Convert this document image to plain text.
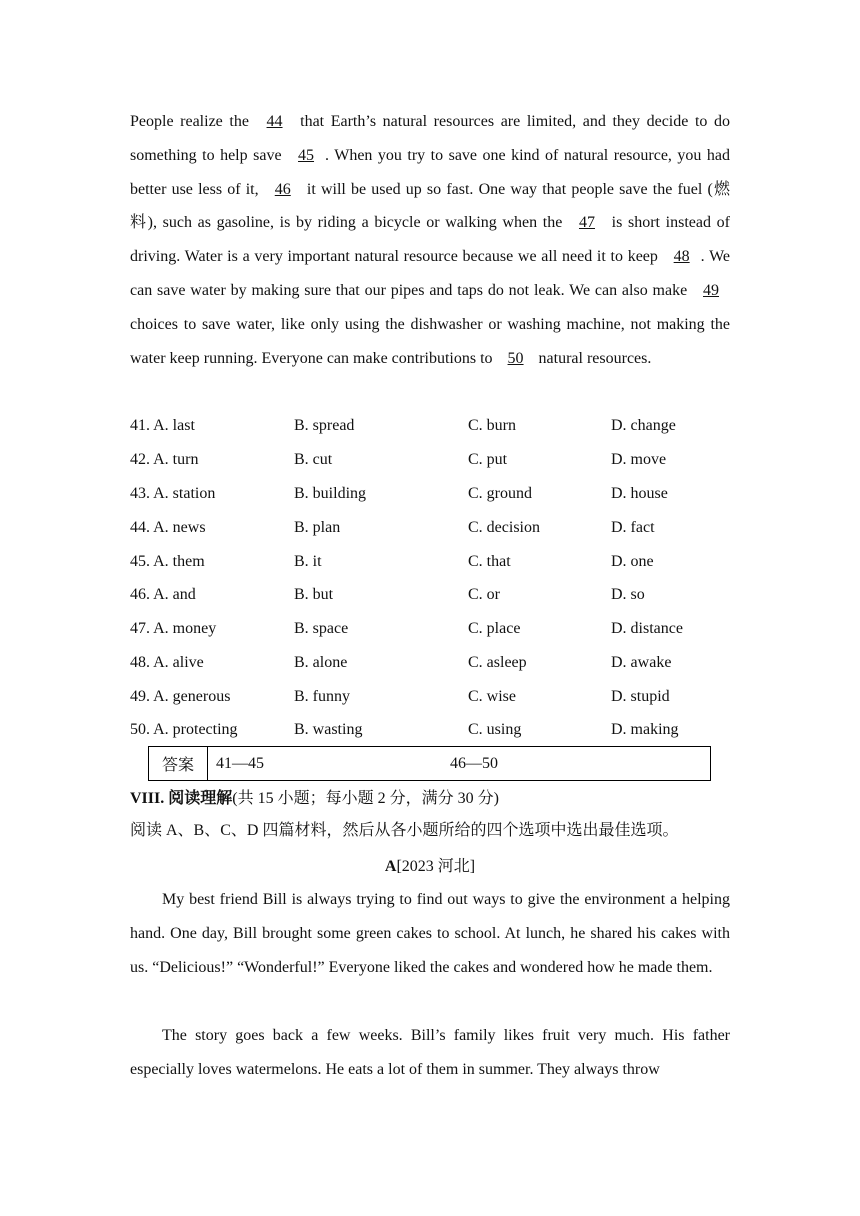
People realize the 44 that Earth’s natural resources are limited, and they decide to do something to help save 45 . When you try to save one kind of natural resource, you had better use less of it, 46 it will be used up so fast. One way that people save the fuel (燃料), such as gasoline, is by riding a bicycle or walking when the 47 is short instead of driving. Water is a very important natural resource because we all need it to keep 48 . We can save water by making sure that our pipes and taps do not leak. We can also make 49 choices to save water, like only using the dishwasher or washing machine, not making the water keep running. Everyone can make contributions to 50 natural resources.
41. A. last	B. spread	C. burn	D. change
42. A. turn	B. cut	C. put	D. move
43. A. station	B. building	C. ground	D. house
44. A. news	B. plan	C. decision	D. fact
45. A. them	B. it	C. that	D. one
46. A. and	B. but	C. or	D. so
47. A. money	B. space	C. place	D. distance
48. A. alive	B. alone	C. asleep	D. awake
49. A. generous	B. funny	C. wise	D. stupid
50. A. protecting	B. wasting	C. using	D. making
答案	41—45	46—50
VIII. 阅读理解(共 15 小题；每小题 2 分，满分 30 分)
阅读 A、B、C、D 四篇材料，然后从各小题所给的四个选项中选出最佳选项。
A[2023 河北]
My best friend Bill is always trying to find out ways to give the environment a helping hand. One day, Bill brought some green cakes to school. At lunch, he shared his cakes with us. “Delicious!” “Wonderful!” Everyone liked the cakes and wondered how he made them.
The story goes back a few weeks. Bill’s family likes fruit very much. His father especially loves watermelons. He eats a lot of them in summer. They always throw
